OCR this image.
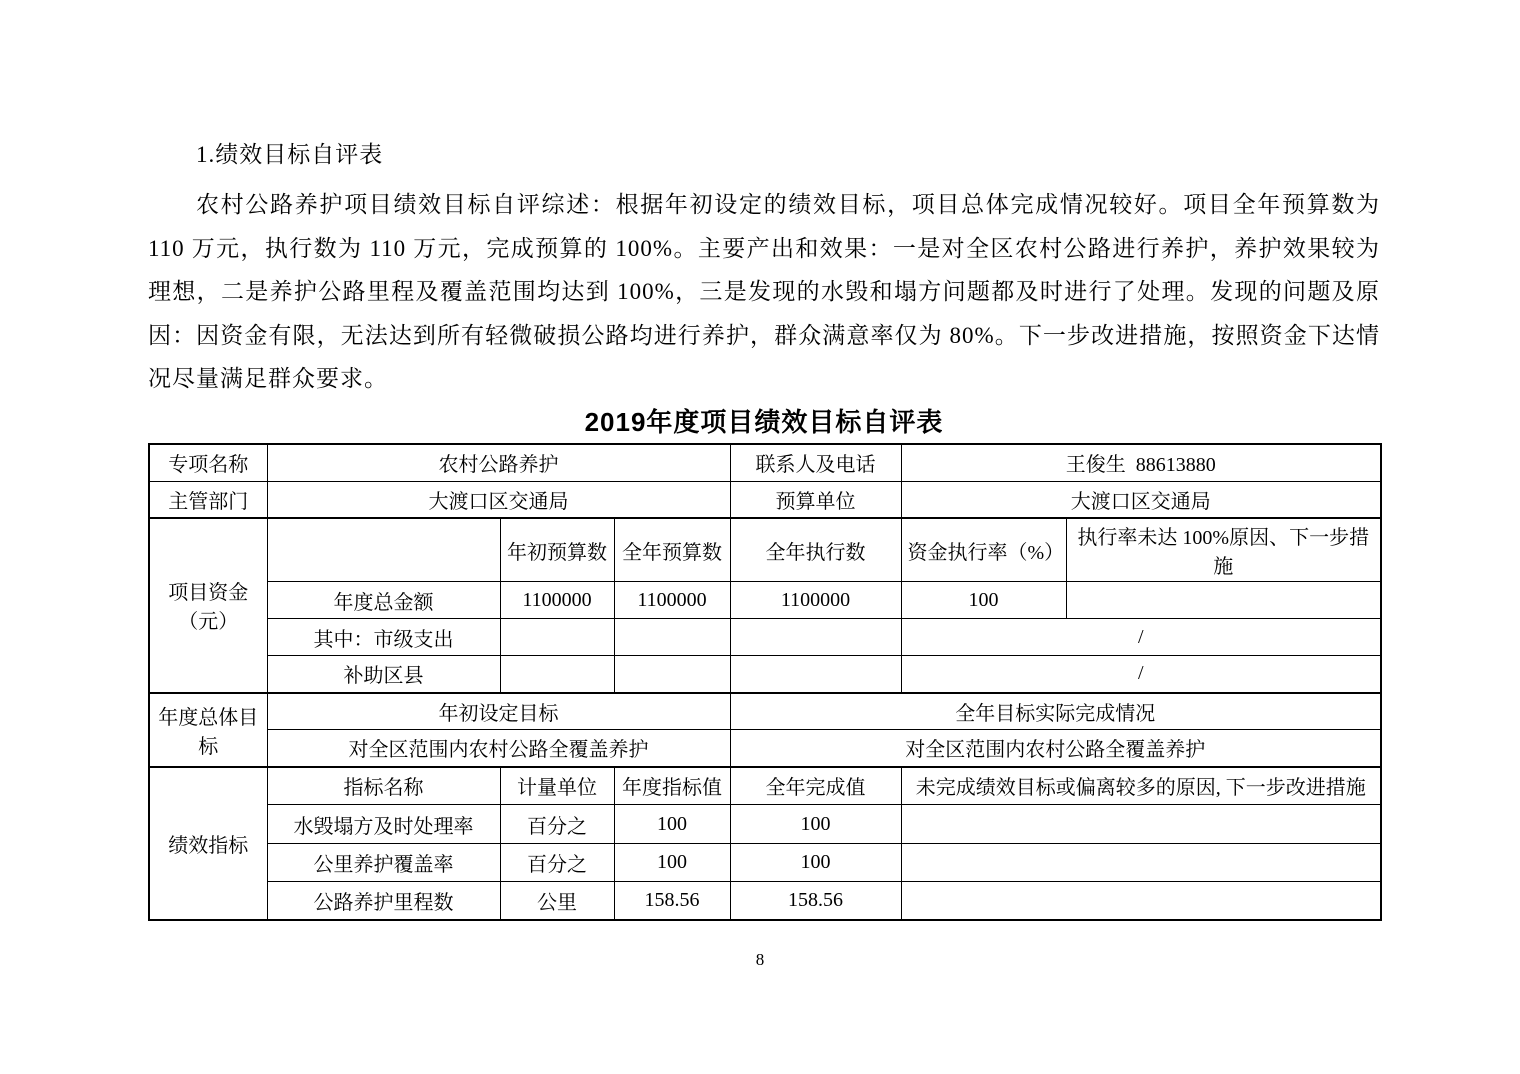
1.绩效目标自评表
农村公路养护项目绩效目标自评综述：根据年初设定的绩效目标，项目总体完成情况较好。项目全年预算数为 110 万元，执行数为 110 万元，完成预算的 100%。主要产出和效果：一是对全区农村公路进行养护，养护效果较为理想，二是养护公路里程及覆盖范围均达到 100%，三是发现的水毁和塌方问题都及时进行了处理。发现的问题及原因：因资金有限，无法达到所有轻微破损公路均进行养护，群众满意率仅为 80%。下一步改进措施，按照资金下达情况尽量满足群众要求。
2019年度项目绩效目标自评表
专项名称	农村公路养护			联系人及电话	王俊生  88613880	
主管部门	大渡口区交通局			预算单位	大渡口区交通局	
项目资金（元）		年初预算数	全年预算数	全年执行数	资金执行率（%）	执行率未达 100%原因、下一步措施
	年度总金额	1100000	1100000	1100000	100	
	其中：市级支出				/	
	补助区县				/	
年度总体目标	年初设定目标			全年目标实际完成情况		
	对全区范围内农村公路全覆盖养护			对全区范围内农村公路全覆盖养护		
绩效指标	指标名称	计量单位	年度指标值	全年完成值	未完成绩效目标或偏离较多的原因, 下一步改进措施	
	水毁塌方及时处理率	百分之	100	100		
	公里养护覆盖率	百分之	100	100		
	公路养护里程数	公里	158.56	158.56		
8
